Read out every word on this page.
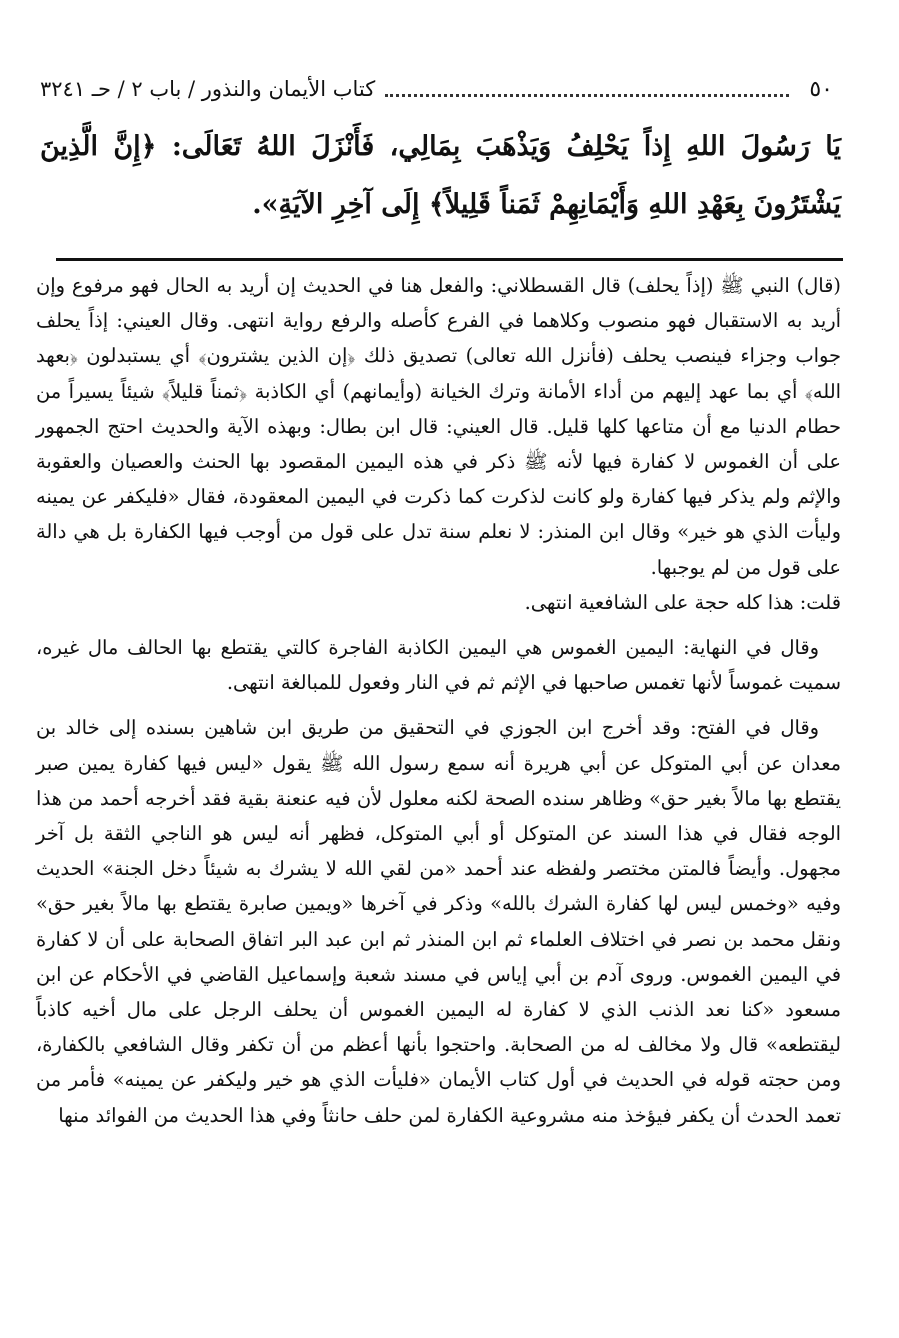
٥٠
كتاب الأيمان والنذور / باب ٢ / حـ ٣٢٤١
يَا رَسُولَ اللهِ إِذاً يَحْلِفُ وَيَذْهَبَ بِمَالِي، فَأَنْزَلَ اللهُ تَعَالَى: ﴿إِنَّ الَّذِينَ يَشْتَرُونَ بِعَهْدِ اللهِ وَأَيْمَانِهِمْ ثَمَناً قَلِيلاً﴾ إِلَى آخِرِ الآيَةِ».

(قال) النبي ﷺ (إذاً يحلف) قال القسطلاني: والفعل هنا في الحديث إن أريد به الحال فهو مرفوع وإن أريد به الاستقبال فهو منصوب وكلاهما في الفرع كأصله والرفع رواية انتهى. وقال العيني: إذاً يحلف جواب وجزاء فينصب يحلف (فأنزل الله تعالى) تصديق ذلك ﴿إن الذين يشترون﴾ أي يستبدلون ﴿بعهد الله﴾ أي بما عهد إليهم من أداء الأمانة وترك الخيانة (وأيمانهم) أي الكاذبة ﴿ثمناً قليلاً﴾ شيئاً يسيراً من حطام الدنيا مع أن متاعها كلها قليل. قال العيني: قال ابن بطال: وبهذه الآية والحديث احتج الجمهور على أن الغموس لا كفارة فيها لأنه ﷺ ذكر في هذه اليمين المقصود بها الحنث والعصيان والعقوبة والإثم ولم يذكر فيها كفارة ولو كانت لذكرت كما ذكرت في اليمين المعقودة، فقال «فليكفر عن يمينه وليأت الذي هو خير» وقال ابن المنذر: لا نعلم سنة تدل على قول من أوجب فيها الكفارة بل هي دالة على قول من لم يوجبها.

قلت: هذا كله حجة على الشافعية انتهى.

وقال في النهاية: اليمين الغموس هي اليمين الكاذبة الفاجرة كالتي يقتطع بها الحالف مال غيره، سميت غموساً لأنها تغمس صاحبها في الإثم ثم في النار وفعول للمبالغة انتهى.

وقال في الفتح: وقد أخرج ابن الجوزي في التحقيق من طريق ابن شاهين بسنده إلى خالد بن معدان عن أبي المتوكل عن أبي هريرة أنه سمع رسول الله ﷺ يقول «ليس فيها كفارة يمين صبر يقتطع بها مالاً بغير حق» وظاهر سنده الصحة لكنه معلول لأن فيه عنعنة بقية فقد أخرجه أحمد من هذا الوجه فقال في هذا السند عن المتوكل أو أبي المتوكل، فظهر أنه ليس هو الناجي الثقة بل آخر مجهول. وأيضاً فالمتن مختصر ولفظه عند أحمد «من لقي الله لا يشرك به شيئاً دخل الجنة» الحديث وفيه «وخمس ليس لها كفارة الشرك بالله» وذكر في آخرها «ويمين صابرة يقتطع بها مالاً بغير حق» ونقل محمد بن نصر في اختلاف العلماء ثم ابن المنذر ثم ابن عبد البر اتفاق الصحابة على أن لا كفارة في اليمين الغموس. وروى آدم بن أبي إياس في مسند شعبة وإسماعيل القاضي في الأحكام عن ابن مسعود «كنا نعد الذنب الذي لا كفارة له اليمين الغموس أن يحلف الرجل على مال أخيه كاذباً ليقتطعه» قال ولا مخالف له من الصحابة. واحتجوا بأنها أعظم من أن تكفر وقال الشافعي بالكفارة، ومن حجته قوله في الحديث في أول كتاب الأيمان «فليأت الذي هو خير وليكفر عن يمينه» فأمر من تعمد الحدث أن يكفر فيؤخذ منه مشروعية الكفارة لمن حلف حانثاً وفي هذا الحديث من الفوائد منها
